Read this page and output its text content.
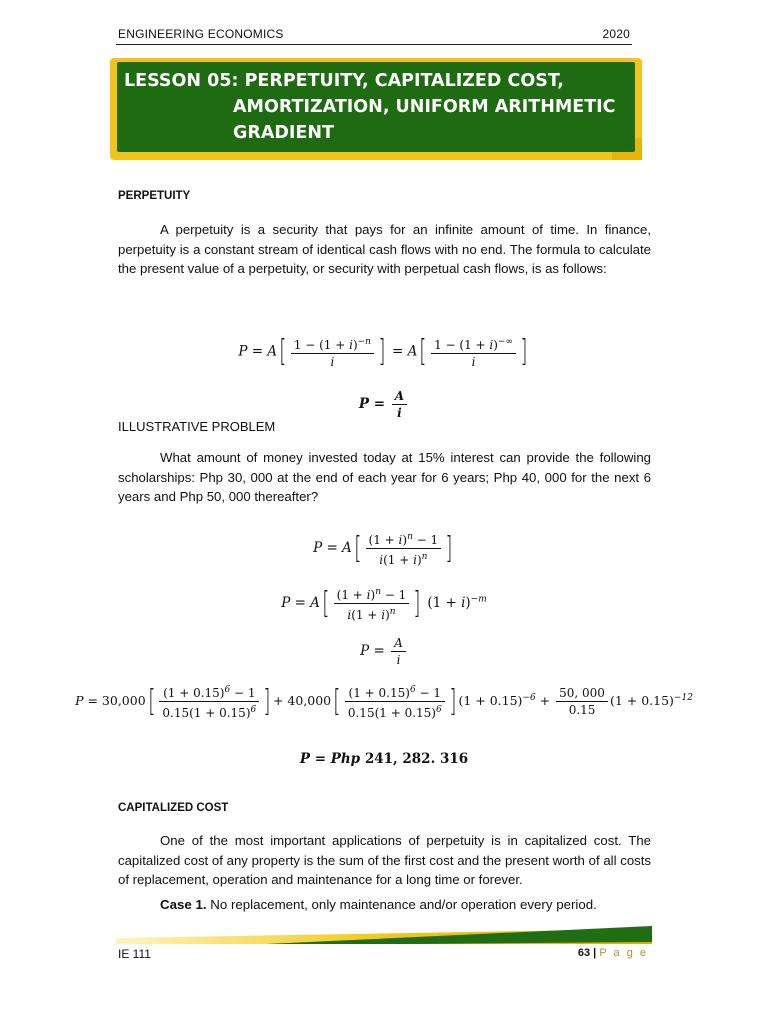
ENGINEERING ECONOMICS	2020
LESSON 05: PERPETUITY, CAPITALIZED COST,
AMORTIZATION, UNIFORM ARITHMETIC
GRADIENT
PERPETUITY
A perpetuity is a security that pays for an infinite amount of time. In finance, perpetuity is a constant stream of identical cash flows with no end. The formula to calculate the present value of a perpetuity, or security with perpetual cash flows, is as follows:
$P = A[ \frac{1 - (1 + i)^{-n}}{i}$ ] = $A[ \frac{1 - (1 + i)^{-\infty}}{i}$ ]
$P = \frac{A}{i}$
ILLUSTRATIVE PROBLEM
What amount of money invested today at 15% interest can provide the following scholarships: Php 30, 000 at the end of each year for 6 years; Php 40, 000 for the next 6 years and Php 50, 000 thereafter?
$P = A[ \frac{(1 + i)^n - 1}{i(1 + i)^n}$ ]
$P = A[ \frac{(1 + i)^n - 1}{i(1 + i)^n}$ ] $(1 + i)^{-m}$
$P = \frac{A}{i}$
$P = 30,000[ \frac{(1 + 0.15)^6 - 1}{0.15(1 + 0.15)^6}$ ] + $40,000[ \frac{(1 + 0.15)^6 - 1}{0.15(1 + 0.15)^6}$ ] $(1 + 0.15)^{-6} + \frac{50, 000}{0.15} (1 + 0.15)^{-12}$
P = Php 241, 282. 316
CAPITALIZED COST
One of the most important applications of perpetuity is in capitalized cost. The capitalized cost of any property is the sum of the first cost and the present worth of all costs of replacement, operation and maintenance for a long time or forever.
Case 1. No replacement, only maintenance and/or operation every period.
IE 111	63 | P a g e
